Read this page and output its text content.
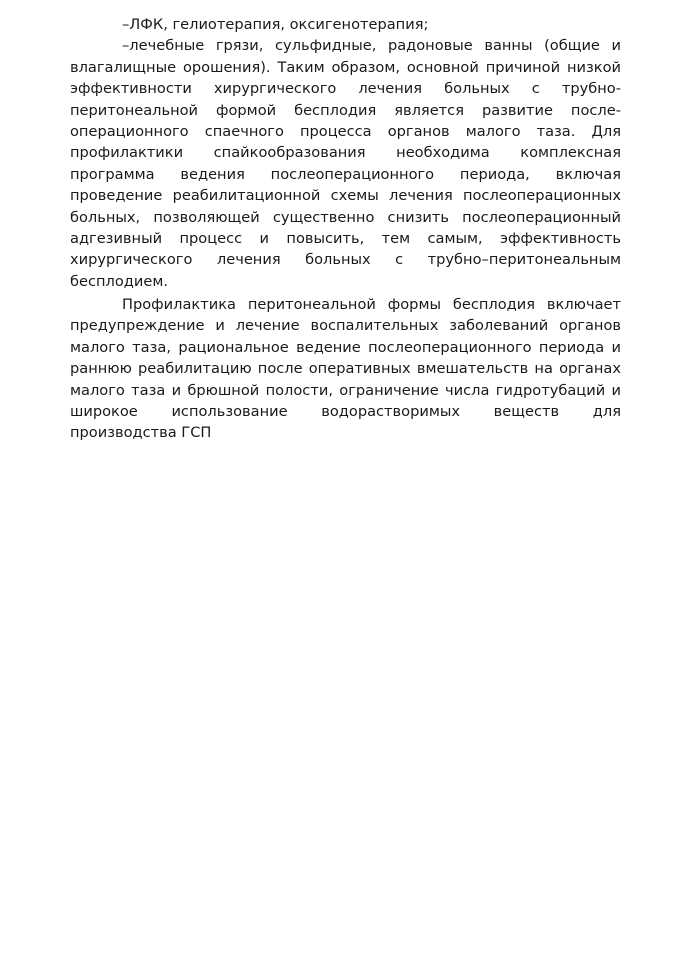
–ЛФК, гелиотерапия, оксигенотерапия;
–лечебные грязи, сульфидные, радоновые ванны (общие и
влагалищные орошения). Таким образом, основной причиной низкой
эффективности хирургического лечения больных с трубно-
перитонеальной формой бесплодия является развитие после-
операционного спаечного процесса органов малого таза. Для
профилактики спайкообразования необходима комплексная
программа ведения послеоперационного периода, включая
проведение реабилитационной схемы лечения послеоперационных
больных, позволяющей существенно снизить послеоперационный
адгезивный процесс и повысить, тем самым, эффективность
хирургического лечения больных с трубно–перитонеальным
бесплодием.
Профилактика перитонеальной формы бесплодия включает
предупреждение и лечение воспалительных заболеваний органов
малого таза, рациональное ведение послеоперационного периода и
раннюю реабилитацию после оперативных вмешательств на органах
малого таза и брюшной полости, ограничение числа гидротубаций и
широкое использование водорастворимых веществ для
производства ГСП
